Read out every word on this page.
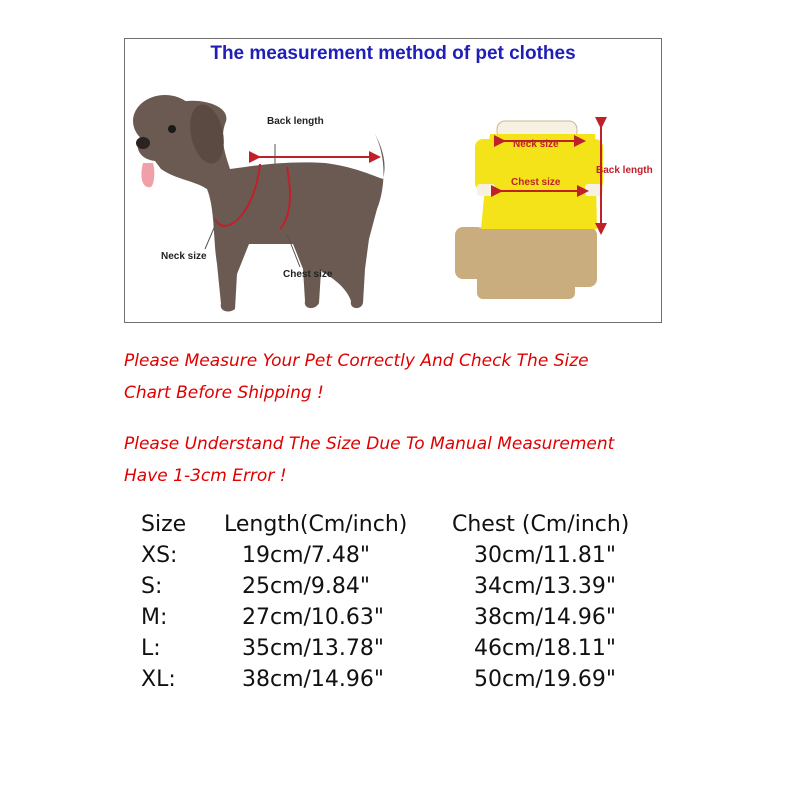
Back length
Neck size
Chest size
Neck size
Chest size
Back length
The measurement method of pet clothes
Please Measure Your Pet Correctly And Check The Size
Chart Before Shipping !
Please Understand The Size Due To Manual Measurement
Have 1-3cm Error !
Size Length(Cm/inch) Chest (Cm/inch)
XS:	19cm/7.48"	30cm/11.81"
S:	25cm/9.84"	34cm/13.39"
M:	27cm/10.63"	38cm/14.96"
L:	35cm/13.78"	46cm/18.11"
XL:	38cm/14.96"	50cm/19.69"
